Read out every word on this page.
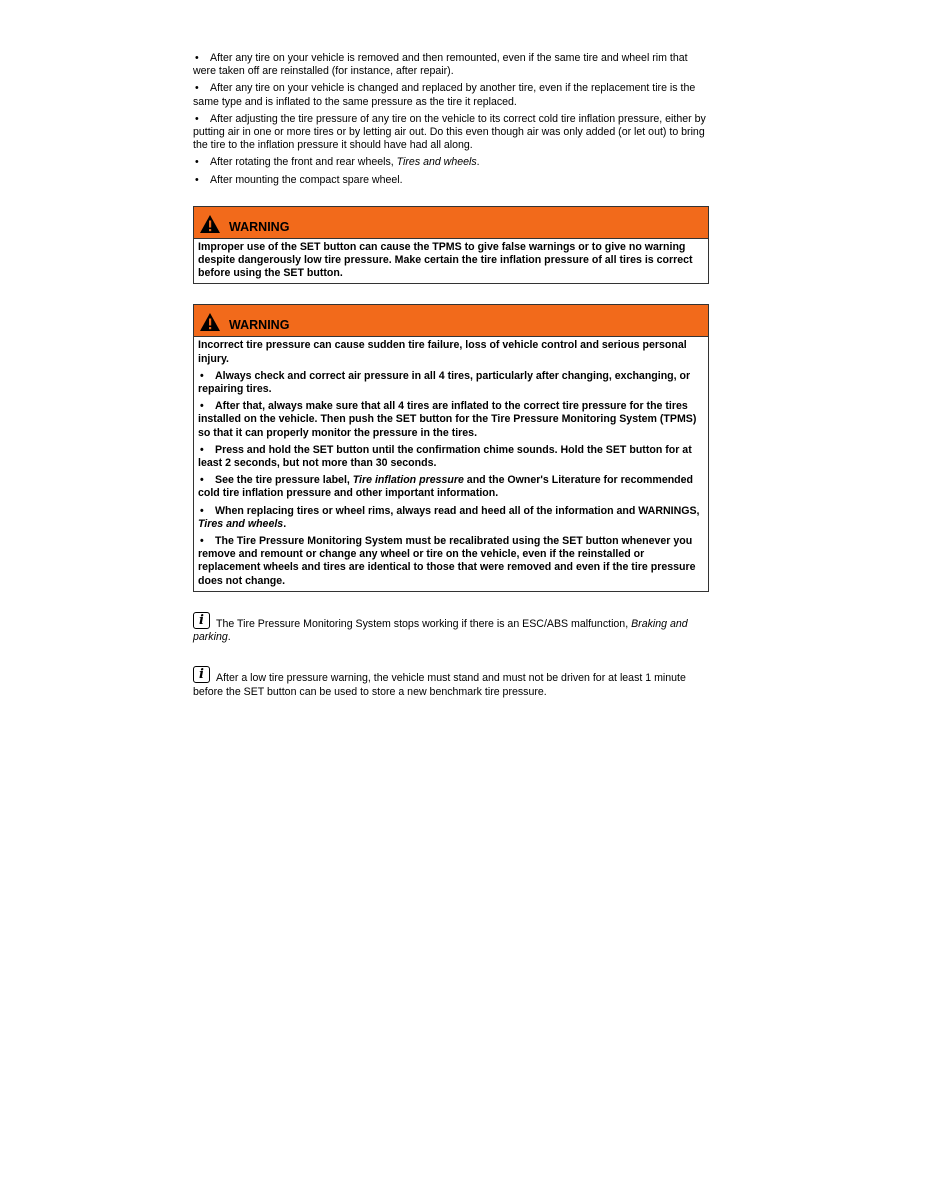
•After any tire on your vehicle is removed and then remounted, even if the same tire and wheel rim that were taken off are reinstalled (for instance, after repair).

•After any tire on your vehicle is changed and replaced by another tire, even if the replacement tire is the same type and is inflated to the same pressure as the tire it replaced.

•After adjusting the tire pressure of any tire on the vehicle to its correct cold tire inflation pressure, either by putting air in one or more tires or by letting air out. Do this even though air was only added (or let out) to bring the tire to the inflation pressure it should have had all along.

•After rotating the front and rear wheels, Tires and wheels.

•After mounting the compact spare wheel.

WARNING

Improper use of the SET button can cause the TPMS to give false warnings or to give no warning despite dangerously low tire pressure. Make certain the tire inflation pressure of all tires is correct before using the SET button.

WARNING

Incorrect tire pressure can cause sudden tire failure, loss of vehicle control and serious personal injury.

•Always check and correct air pressure in all 4 tires, particularly after changing, exchanging, or repairing tires.

•After that, always make sure that all 4 tires are inflated to the correct tire pressure for the tires installed on the vehicle. Then push the SET button for the Tire Pressure Monitoring System (TPMS) so that it can properly monitor the pressure in the tires.

•Press and hold the SET button until the confirmation chime sounds. Hold the SET button for at least 2 seconds, but not more than 30 seconds.

•See the tire pressure label, Tire inflation pressure and the Owner's Literature for recommended cold tire inflation pressure and other important information.

•When replacing tires or wheel rims, always read and heed all of the information and WARNINGS, Tires and wheels.

•The Tire Pressure Monitoring System must be recalibrated using the SET button whenever you remove and remount or change any wheel or tire on the vehicle, even if the reinstalled or replacement wheels and tires are identical to those that were removed and even if the tire pressure does not change.

iThe Tire Pressure Monitoring System stops working if there is an ESC/ABS malfunction, Braking and parking.

iAfter a low tire pressure warning, the vehicle must stand and must not be driven for at least 1 minute before the SET button can be used to store a new benchmark tire pressure.
